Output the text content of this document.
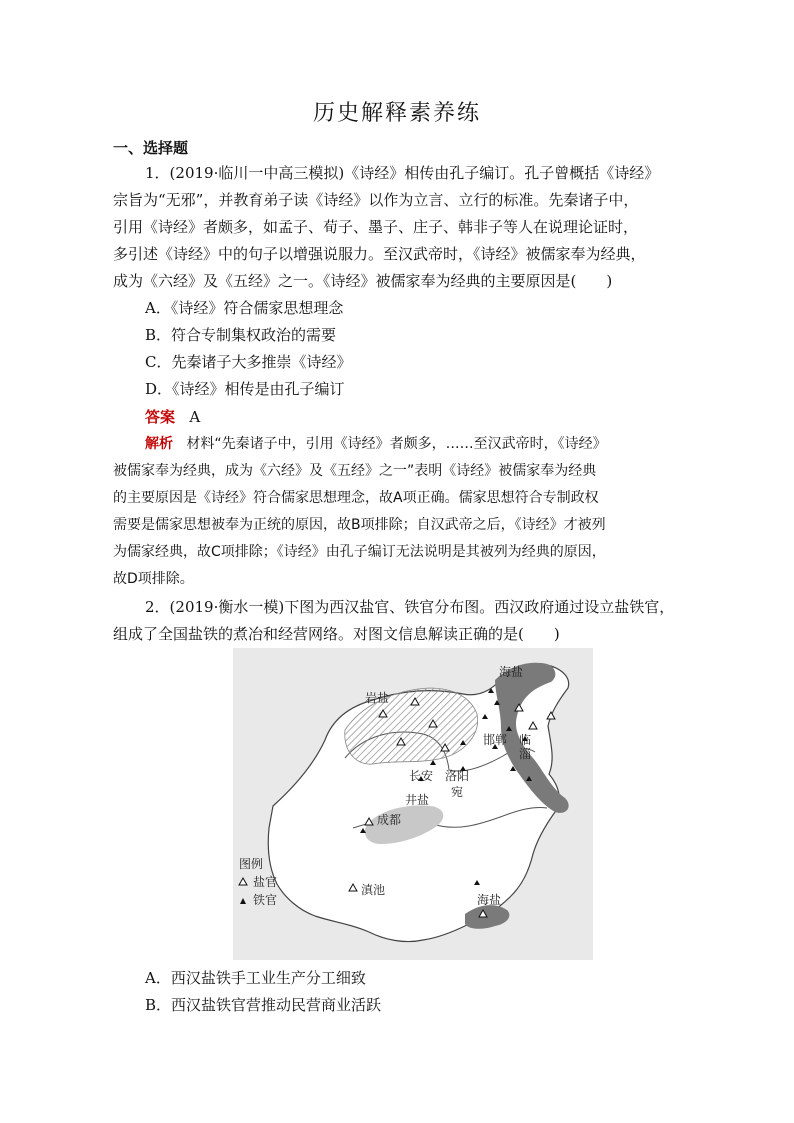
历史解释素养练
一、选择题
1．(2019·临川一中高三模拟)《诗经》相传由孔子编订。孔子曾概括《诗经》
宗旨为“无邪”，并教育弟子读《诗经》以作为立言、立行的标准。先秦诸子中，
引用《诗经》者颇多，如孟子、荀子、墨子、庄子、韩非子等人在说理论证时，
多引述《诗经》中的句子以增强说服力。至汉武帝时，《诗经》被儒家奉为经典，
成为《六经》及《五经》之一。《诗经》被儒家奉为经典的主要原因是(　　)
A．《诗经》符合儒家思想理念
B．符合专制集权政治的需要
C．先秦诸子大多推崇《诗经》
D．《诗经》相传是由孔子编订
答案 A
解析 材料“先秦诸子中，引用《诗经》者颇多，……至汉武帝时，《诗经》
被儒家奉为经典，成为《六经》及《五经》之一”表明《诗经》被儒家奉为经典
的主要原因是《诗经》符合儒家思想理念，故A项正确。儒家思想符合专制政权
需要是儒家思想被奉为正统的原因，故B项排除；自汉武帝之后，《诗经》才被列
为儒家经典，故C项排除；《诗经》由孔子编订无法说明是其被列为经典的原因，
故D项排除。
2．(2019·衡水一模)下图为西汉盐官、铁官分布图。西汉政府通过设立盐铁官，
组成了全国盐铁的煮冶和经营网络。对图文信息解读正确的是(　　)
岩盐
海盐
邯郸 临
淄
长安 洛阳
宛
井盐
成都
滇池
海盐
图例
盐官
铁官
A．西汉盐铁手工业生产分工细致
B．西汉盐铁官营推动民营商业活跃
